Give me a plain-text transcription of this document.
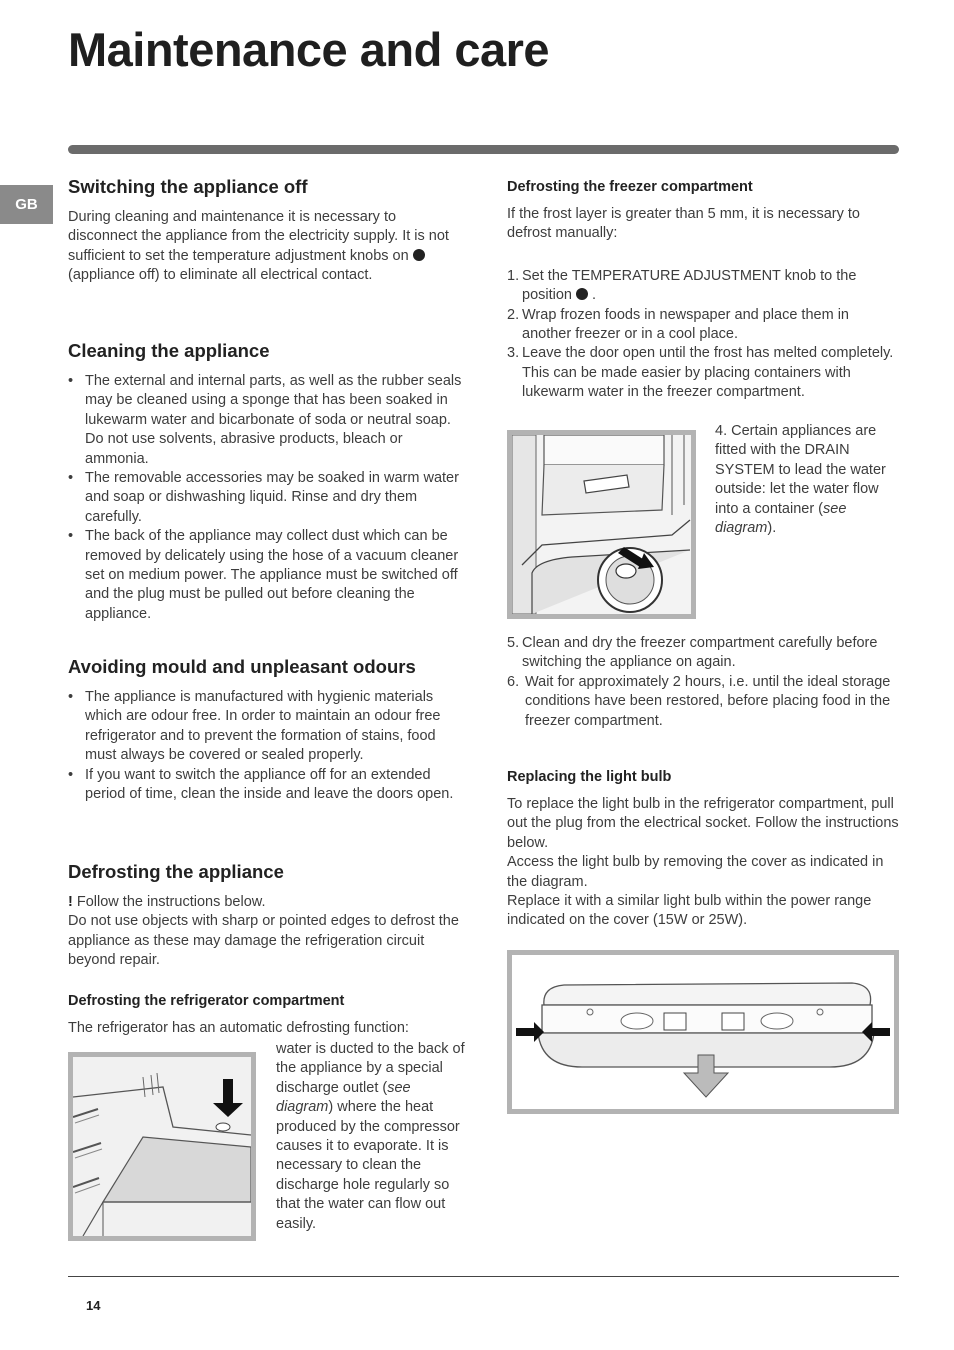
Maintenance and care
GB
Switching the appliance off

During cleaning and maintenance it is necessary to disconnect the appliance from the electricity supply. It is not sufficient to set the temperature adjustment knobs on  (appliance off) to eliminate all electrical contact.

Cleaning the appliance
• The external and internal parts, as well as the rubber seals may be cleaned using a sponge that has been soaked in lukewarm water and bicarbonate of soda or neutral soap. Do not use solvents, abrasive products, bleach or ammonia.
• The removable accessories may be soaked in warm water and soap or dishwashing liquid. Rinse and dry them carefully.
• The back of the appliance may collect dust which can be removed by delicately using the hose of a vacuum cleaner set on medium power. The appliance must be switched off and the plug must be pulled out before cleaning the appliance.
Avoiding mould and unpleasant odours
• The appliance is manufactured with hygienic materials which are odour free. In order to maintain an odour free refrigerator and to prevent the formation of stains, food must always be covered or sealed properly.
• If you want to switch the appliance off for an extended period of time, clean the inside and leave the doors open.
Defrosting the appliance

! Follow the instructions below.

Do not use objects with sharp or pointed edges to defrost the appliance as these may damage the refrigeration circuit beyond repair.

Defrosting the refrigerator compartment

The refrigerator has an automatic defrosting function:

water is ducted to the back of the appliance by a special discharge outlet (see diagram) where the heat produced by the compressor causes it to evaporate. It is necessary to clean the discharge hole regularly so that the water can flow out easily.

Defrosting the freezer compartment

If the frost layer is greater than 5 mm, it is necessary to defrost manually:

1. Set the TEMPERATURE ADJUSTMENT knob to the position .
2. Wrap frozen foods in newspaper and place them in another freezer or in a cool place.
3. Leave the door open until the frost has melted completely. This can be made easier by placing containers with lukewarm water in the freezer compartment.

4. Certain appliances are fitted with the DRAIN SYSTEM to lead the water outside: let the water flow into a container (see diagram).

5. Clean and dry the freezer compartment carefully before switching the appliance on again.
6. Wait for approximately 2 hours, i.e. until the ideal storage conditions have been restored, before placing food in the freezer compartment.
Replacing the light bulb

To replace the light bulb in the refrigerator compartment, pull out the plug from the electrical socket. Follow the instructions below.

Access the light bulb by removing the cover as indicated in the diagram.

Replace it with a similar light bulb within the power range indicated on the cover (15W or 25W).

14
